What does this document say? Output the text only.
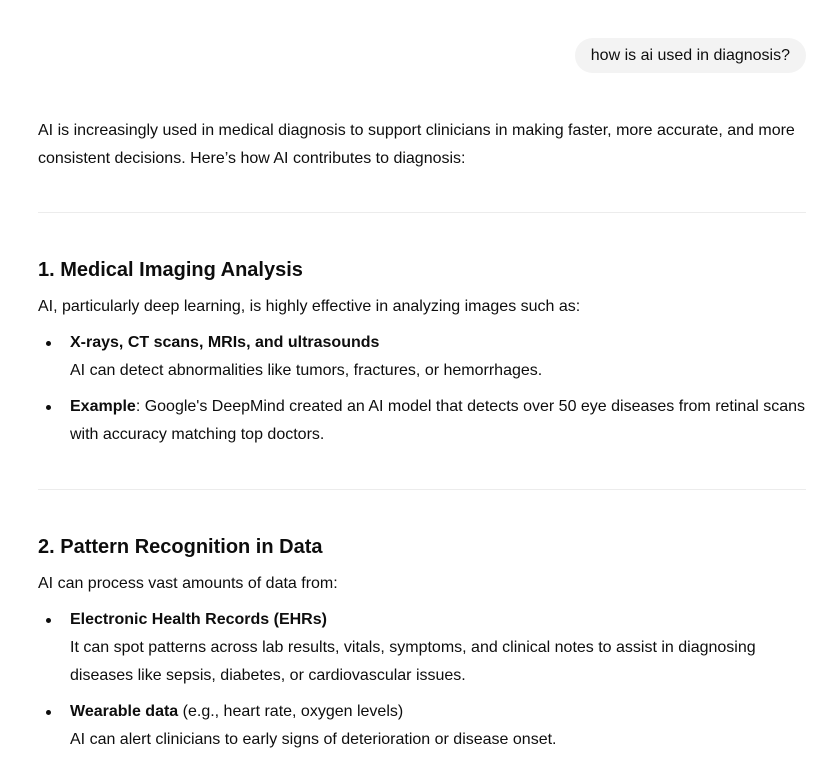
how is ai used in diagnosis?

AI is increasingly used in medical diagnosis to support clinicians in making faster, more accurate, and more consistent decisions. Here’s how AI contributes to diagnosis:

1. Medical Imaging Analysis

AI, particularly deep learning, is highly effective in analyzing images such as:

X-rays, CT scans, MRIs, and ultrasounds
AI can detect abnormalities like tumors, fractures, or hemorrhages.
Example: Google's DeepMind created an AI model that detects over 50 eye diseases from retinal scans with accuracy matching top doctors.
2. Pattern Recognition in Data

AI can process vast amounts of data from:

Electronic Health Records (EHRs)
It can spot patterns across lab results, vitals, symptoms, and clinical notes to assist in diagnosing diseases like sepsis, diabetes, or cardiovascular issues.
Wearable data (e.g., heart rate, oxygen levels)
AI can alert clinicians to early signs of deterioration or disease onset.
